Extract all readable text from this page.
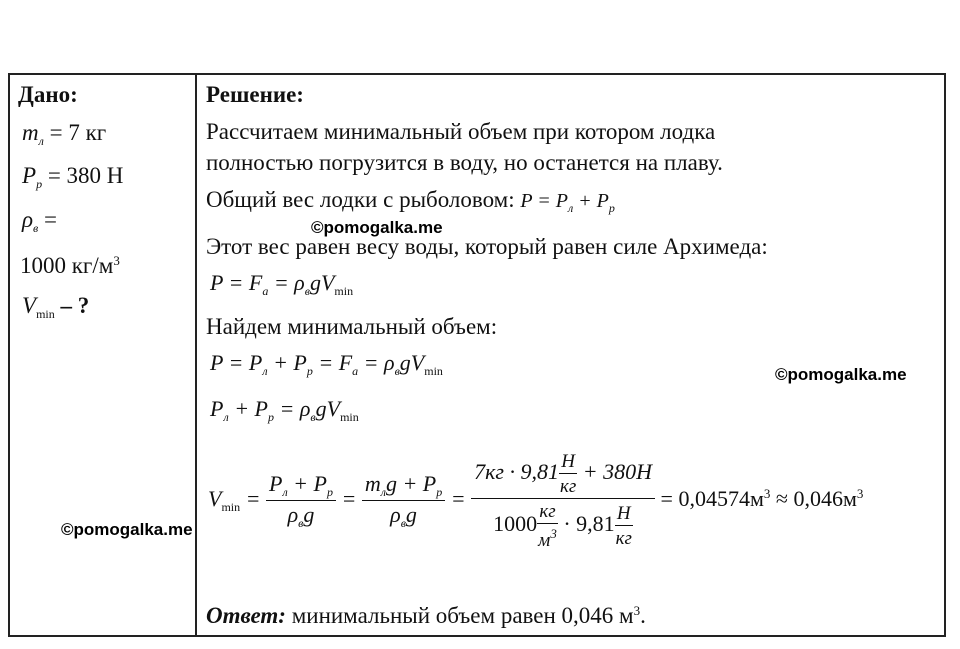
Дано:
$m_л = 7$ кг
$P_р = 380$ Н
$\rho_в$ =
1000 $кг/м^3$
$V_{min}$ – ?
Решение:
Рассчитаем минимальный объем при котором лодка
полностью погрузится в воду, но останется на плаву.
Общий вес лодки с рыболовом: $P = P_л + P_р$
Этот вес равен весу воды, который равен силе Архимеда:
$P = F_а = \rho_вgV_{min}$
Найдем минимальный объем:
$P = P_л + P_р = F_а = \rho_вgV_{min}$
$P_л + P_р = \rho_вgV_{min}$
$V_{min} = \frac{P_л + P_р}{\rho_вg} = \frac{m_лg + P_р}{\rho_вg} = \frac{7кг \cdot 9,81 \frac{Н}{кг} + 380Н}{1000 \frac{кг}{м^3} \cdot 9,81 \frac{Н}{кг}} = 0,04574м^3 \approx 0,046м^3$
Ответ: минимальный объем равен 0,046 $м^3$.
©pomogalka.me
©pomogalka.me
©pomogalka.me
